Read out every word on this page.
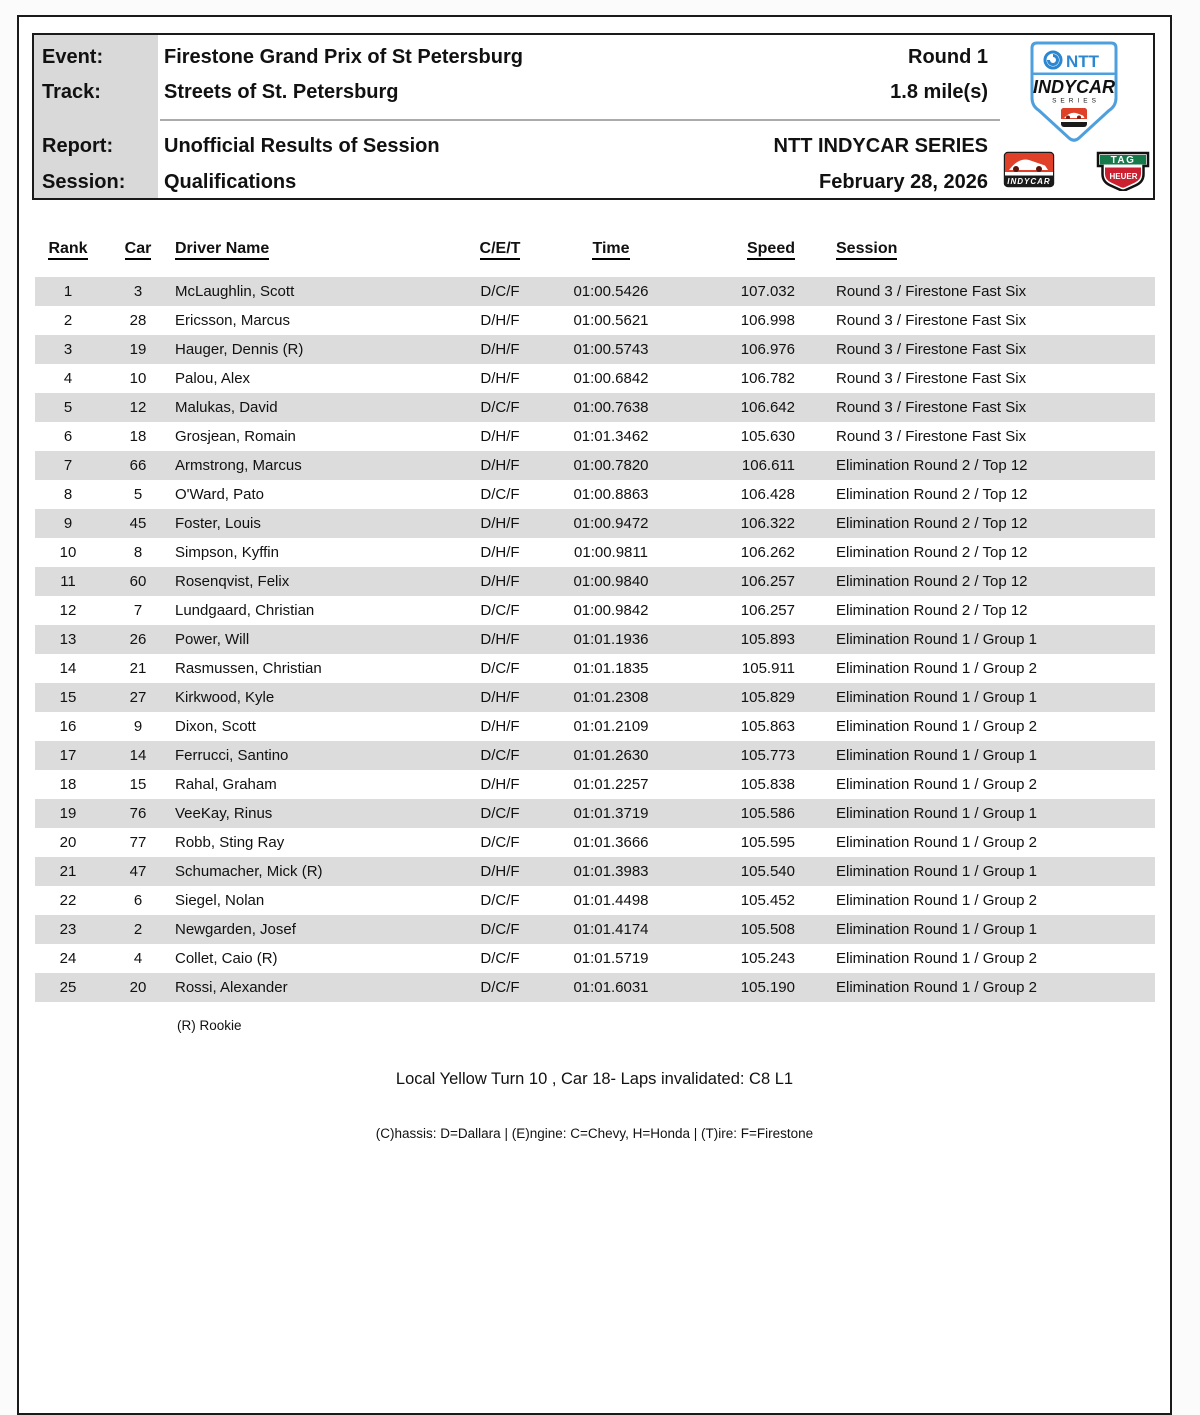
Event:	Firestone Grand Prix of St Petersburg	Round 1
Track:	Streets of St. Petersburg	1.8 mile(s)
Report:	Unofficial Results of Session	NTT INDYCAR SERIES
Session: Qualifications	February 28, 2026
NTT
INDYCAR
SERIES
INDYCAR
TAG
HEUER
Rank	Car	Driver Name	C/E/T	Time	Speed	Session
1	3	McLaughlin, Scott	D/C/F	01:00.5426	107.032	Round 3 / Firestone Fast Six
2	28	Ericsson, Marcus	D/H/F	01:00.5621	106.998	Round 3 / Firestone Fast Six
3	19	Hauger, Dennis (R)	D/H/F	01:00.5743	106.976	Round 3 / Firestone Fast Six
4	10	Palou, Alex	D/H/F	01:00.6842	106.782	Round 3 / Firestone Fast Six
5	12	Malukas, David	D/C/F	01:00.7638	106.642	Round 3 / Firestone Fast Six
6	18	Grosjean, Romain	D/H/F	01:01.3462	105.630	Round 3 / Firestone Fast Six
7	66	Armstrong, Marcus	D/H/F	01:00.7820	106.611	Elimination Round 2 / Top 12
8	5	O'Ward, Pato	D/C/F	01:00.8863	106.428	Elimination Round 2 / Top 12
9	45	Foster, Louis	D/H/F	01:00.9472	106.322	Elimination Round 2 / Top 12
10	8	Simpson, Kyffin	D/H/F	01:00.9811	106.262	Elimination Round 2 / Top 12
11	60	Rosenqvist, Felix	D/H/F	01:00.9840	106.257	Elimination Round 2 / Top 12
12	7	Lundgaard, Christian	D/C/F	01:00.9842	106.257	Elimination Round 2 / Top 12
13	26	Power, Will	D/H/F	01:01.1936	105.893	Elimination Round 1 / Group 1
14	21	Rasmussen, Christian	D/C/F	01:01.1835	105.911	Elimination Round 1 / Group 2
15	27	Kirkwood, Kyle	D/H/F	01:01.2308	105.829	Elimination Round 1 / Group 1
16	9	Dixon, Scott	D/H/F	01:01.2109	105.863	Elimination Round 1 / Group 2
17	14	Ferrucci, Santino	D/C/F	01:01.2630	105.773	Elimination Round 1 / Group 1
18	15	Rahal, Graham	D/H/F	01:01.2257	105.838	Elimination Round 1 / Group 2
19	76	VeeKay, Rinus	D/C/F	01:01.3719	105.586	Elimination Round 1 / Group 1
20	77	Robb, Sting Ray	D/C/F	01:01.3666	105.595	Elimination Round 1 / Group 2
21	47	Schumacher, Mick (R)	D/H/F	01:01.3983	105.540	Elimination Round 1 / Group 1
22	6	Siegel, Nolan	D/C/F	01:01.4498	105.452	Elimination Round 1 / Group 2
23	2	Newgarden, Josef	D/C/F	01:01.4174	105.508	Elimination Round 1 / Group 1
24	4	Collet, Caio (R)	D/C/F	01:01.5719	105.243	Elimination Round 1 / Group 2
25	20	Rossi, Alexander	D/C/F	01:01.6031	105.190	Elimination Round 1 / Group 2
(R) Rookie
Local Yellow Turn 10 , Car 18- Laps invalidated: C8 L1
(C)hassis: D=Dallara | (E)ngine: C=Chevy, H=Honda | (T)ire: F=Firestone
